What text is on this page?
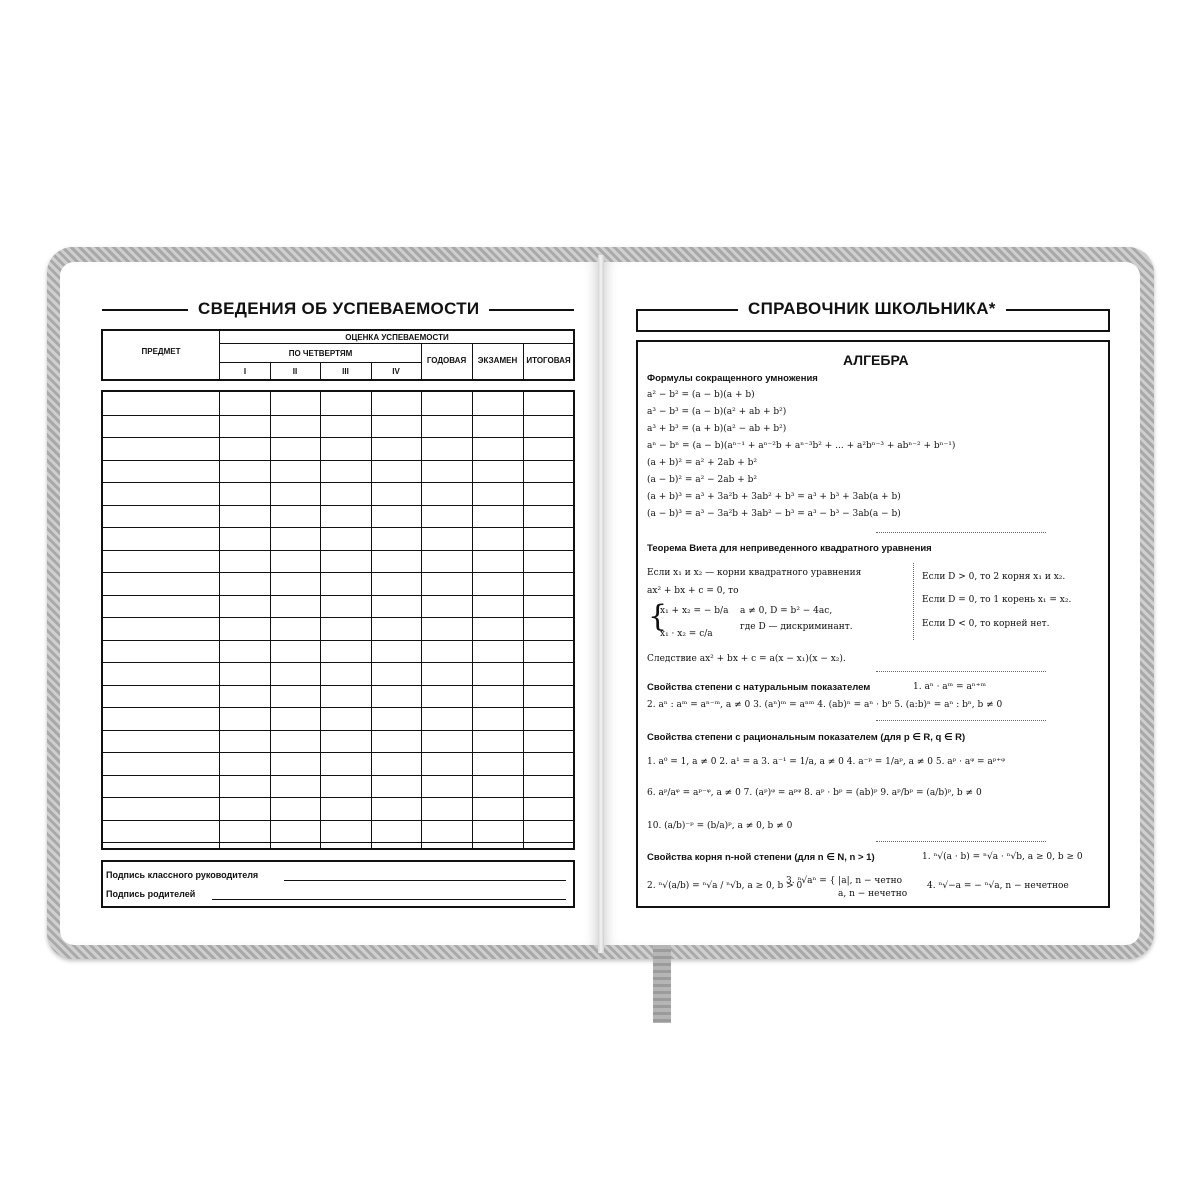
СВЕДЕНИЯ ОБ УСПЕВАЕМОСТИ
ПРЕДМЕТ
ОЦЕНКА УСПЕВАЕМОСТИ
ПО ЧЕТВЕРТЯМ
I	II	III	IV
ГОДОВАЯ	ЭКЗАМЕН	ИТОГОВАЯ
Подпись классного руководителя
Подпись родителей
СПРАВОЧНИК ШКОЛЬНИКА*
АЛГЕБРА
Формулы сокращенного умножения
a² − b² = (a − b)(a + b)
a³ − b³ = (a − b)(a² + ab + b²)
a³ + b³ = (a + b)(a² − ab + b²)
aⁿ − bⁿ = (a − b)(aⁿ⁻¹ + aⁿ⁻²b + aⁿ⁻³b² + ... + a²bⁿ⁻³ + abⁿ⁻² + bⁿ⁻¹)
(a + b)² = a² + 2ab + b²
(a − b)² = a² − 2ab + b²
(a + b)³ = a³ + 3a²b + 3ab² + b³ = a³ + b³ + 3ab(a + b)
(a − b)³ = a³ − 3a²b + 3ab² − b³ = a³ − b³ − 3ab(a − b)
Теорема Виета для неприведенного квадратного уравнения
Если x₁ и x₂ — корни квадратного уравнения
ax² + bx + c = 0, то
{
x₁ + x₂ = − b/a
x₁ · x₂ = c/a
a ≠ 0, D = b² − 4ac,
где D — дискриминант.
Если D > 0, то 2 корня x₁ и x₂.
Если D = 0, то 1 корень x₁ = x₂.
Если D < 0, то корней нет.
Следствие ax² + bx + c = a(x − x₁)(x − x₂).
Свойства степени с натуральным показателем	1. aⁿ · aᵐ = aⁿ⁺ᵐ
2. aⁿ : aᵐ = aⁿ⁻ᵐ, a ≠ 0 3. (aⁿ)ᵐ = aⁿᵐ 4. (ab)ⁿ = aⁿ · bⁿ 5. (a:b)ⁿ = aⁿ : bⁿ, b ≠ 0
Свойства степени с рациональным показателем (для p ∈ R, q ∈ R)
1. a⁰ = 1, a ≠ 0 2. a¹ = a 3. a⁻¹ = 1/a, a ≠ 0 4. a⁻ᵖ = 1/aᵖ, a ≠ 0 5. aᵖ · aᵠ = aᵖ⁺ᵠ
6. aᵖ/aᵠ = aᵖ⁻ᵠ, a ≠ 0 7. (aᵖ)ᵠ = aᵖᵠ 8. aᵖ · bᵖ = (ab)ᵖ 9. aᵖ/bᵖ = (a/b)ᵖ, b ≠ 0
10. (a/b)⁻ᵖ = (b/a)ᵖ, a ≠ 0, b ≠ 0
Свойства корня n-ной степени (для n ∈ N, n > 1)	1. ⁿ√(a · b) = ⁿ√a · ⁿ√b, a ≥ 0, b ≥ 0
2. ⁿ√(a/b) = ⁿ√a / ⁿ√b, a ≥ 0, b > 0
3. ⁿ√aⁿ = { |a|, n − четно
a, n − нечетно
4. ⁿ√−a = − ⁿ√a, n − нечетное
